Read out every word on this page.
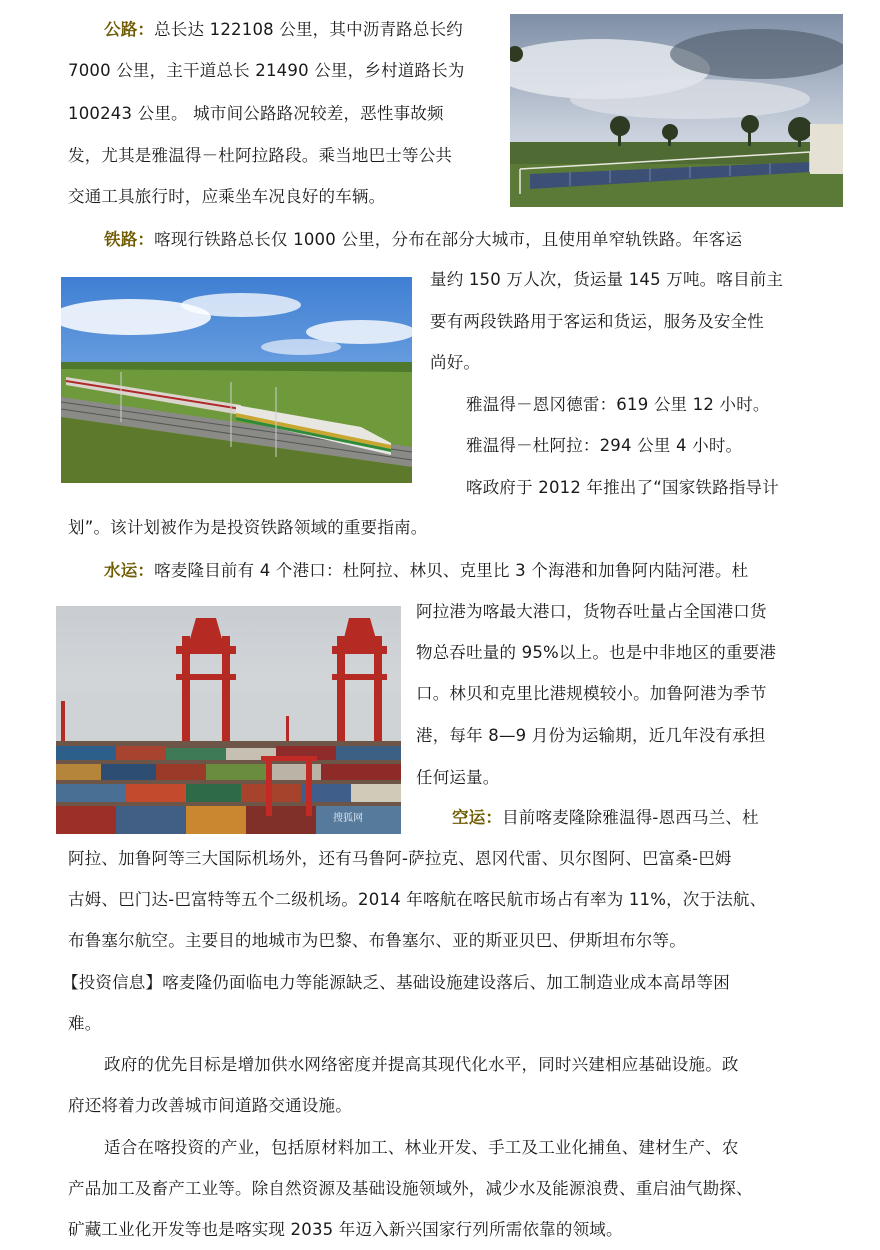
公路：总长达 122108 公里，其中沥青路总长约
7000 公里，主干道总长 21490 公里，乡村道路长为
100243 公里。 城市间公路路况较差，恶性事故频
发，尤其是雅温得－杜阿拉路段。乘当地巴士等公共
交通工具旅行时，应乘坐车况良好的车辆。
铁路：喀现行铁路总长仅 1000 公里，分布在部分大城市，且使用单窄轨铁路。年客运
量约 150 万人次，货运量 145 万吨。喀目前主
要有两段铁路用于客运和货运，服务及安全性
尚好。
雅温得－恩冈德雷：619 公里 12 小时。
雅温得－杜阿拉：294 公里 4 小时。
喀政府于 2012 年推出了“国家铁路指导计
划”。该计划被作为是投资铁路领域的重要指南。
水运：喀麦隆目前有 4 个港口：杜阿拉、林贝、克里比 3 个海港和加鲁阿内陆河港。杜
阿拉港为喀最大港口，货物吞吐量占全国港口货
物总吞吐量的 95%以上。也是中非地区的重要港
口。林贝和克里比港规模较小。加鲁阿港为季节
港，每年 8—9 月份为运输期，近几年没有承担
任何运量。
搜狐网	空运：目前喀麦隆除雅温得-恩西马兰、杜
阿拉、加鲁阿等三大国际机场外，还有马鲁阿-萨拉克、恩冈代雷、贝尔图阿、巴富桑-巴姆
古姆、巴门达-巴富特等五个二级机场。2014 年喀航在喀民航市场占有率为 11%，次于法航、
布鲁塞尔航空。主要目的地城市为巴黎、布鲁塞尔、亚的斯亚贝巴、伊斯坦布尔等。
【投资信息】喀麦隆仍面临电力等能源缺乏、基础设施建设落后、加工制造业成本高昂等困
难。
政府的优先目标是增加供水网络密度并提高其现代化水平，同时兴建相应基础设施。政
府还将着力改善城市间道路交通设施。
适合在喀投资的产业，包括原材料加工、林业开发、手工及工业化捕鱼、建材生产、农
产品加工及畜产工业等。除自然资源及基础设施领域外，减少水及能源浪费、重启油气勘探、
矿藏工业化开发等也是喀实现 2035 年迈入新兴国家行列所需依靠的领域。
